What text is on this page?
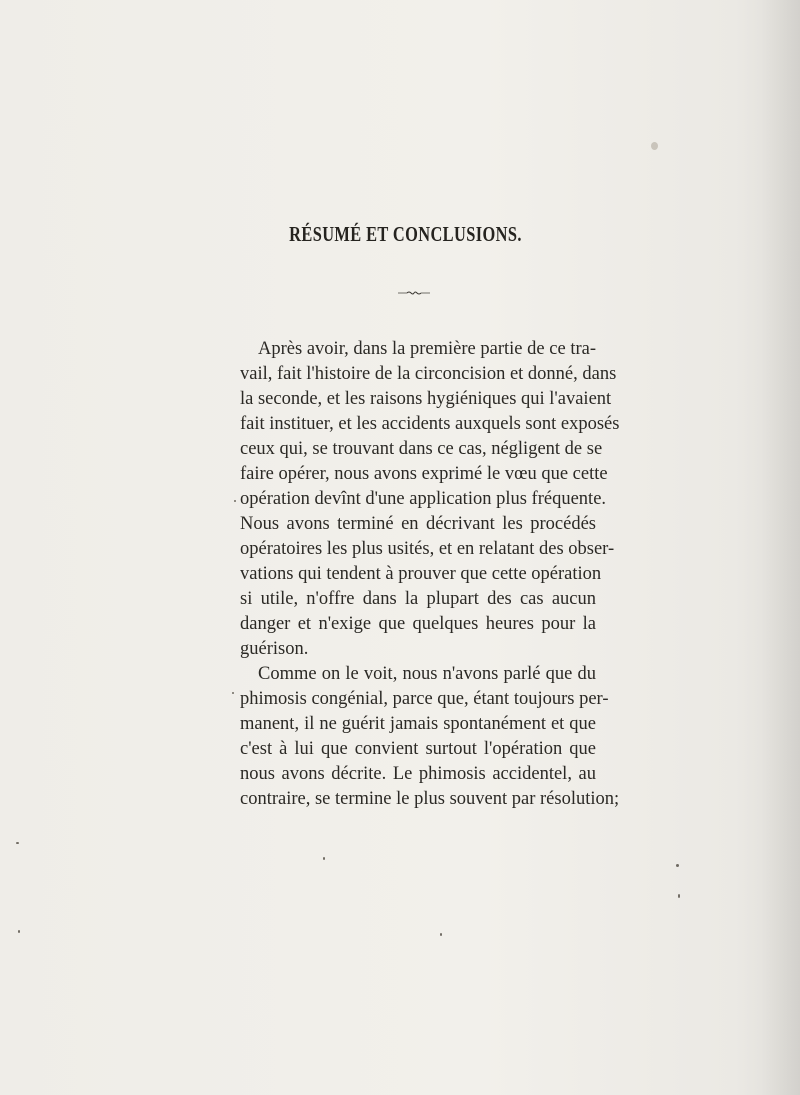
RÉSUMÉ ET CONCLUSIONS.
Après avoir, dans la première partie de ce tra-
vail, fait l'histoire de la circoncision et donné, dans
la seconde, et les raisons hygiéniques qui l'avaient
fait instituer, et les accidents auxquels sont exposés
ceux qui, se trouvant dans ce cas, négligent de se
faire opérer, nous avons exprimé le vœu que cette
opération devînt d'une application plus fréquente.
Nous avons terminé en décrivant les procédés
opératoires les plus usités, et en relatant des obser-
vations qui tendent à prouver que cette opération
si utile, n'offre dans la plupart des cas aucun
danger et n'exige que quelques heures pour la
guérison.
Comme on le voit, nous n'avons parlé que du
phimosis congénial, parce que, étant toujours per-
manent, il ne guérit jamais spontanément et que
c'est à lui que convient surtout l'opération que
nous avons décrite. Le phimosis accidentel, au
contraire, se termine le plus souvent par résolution;
